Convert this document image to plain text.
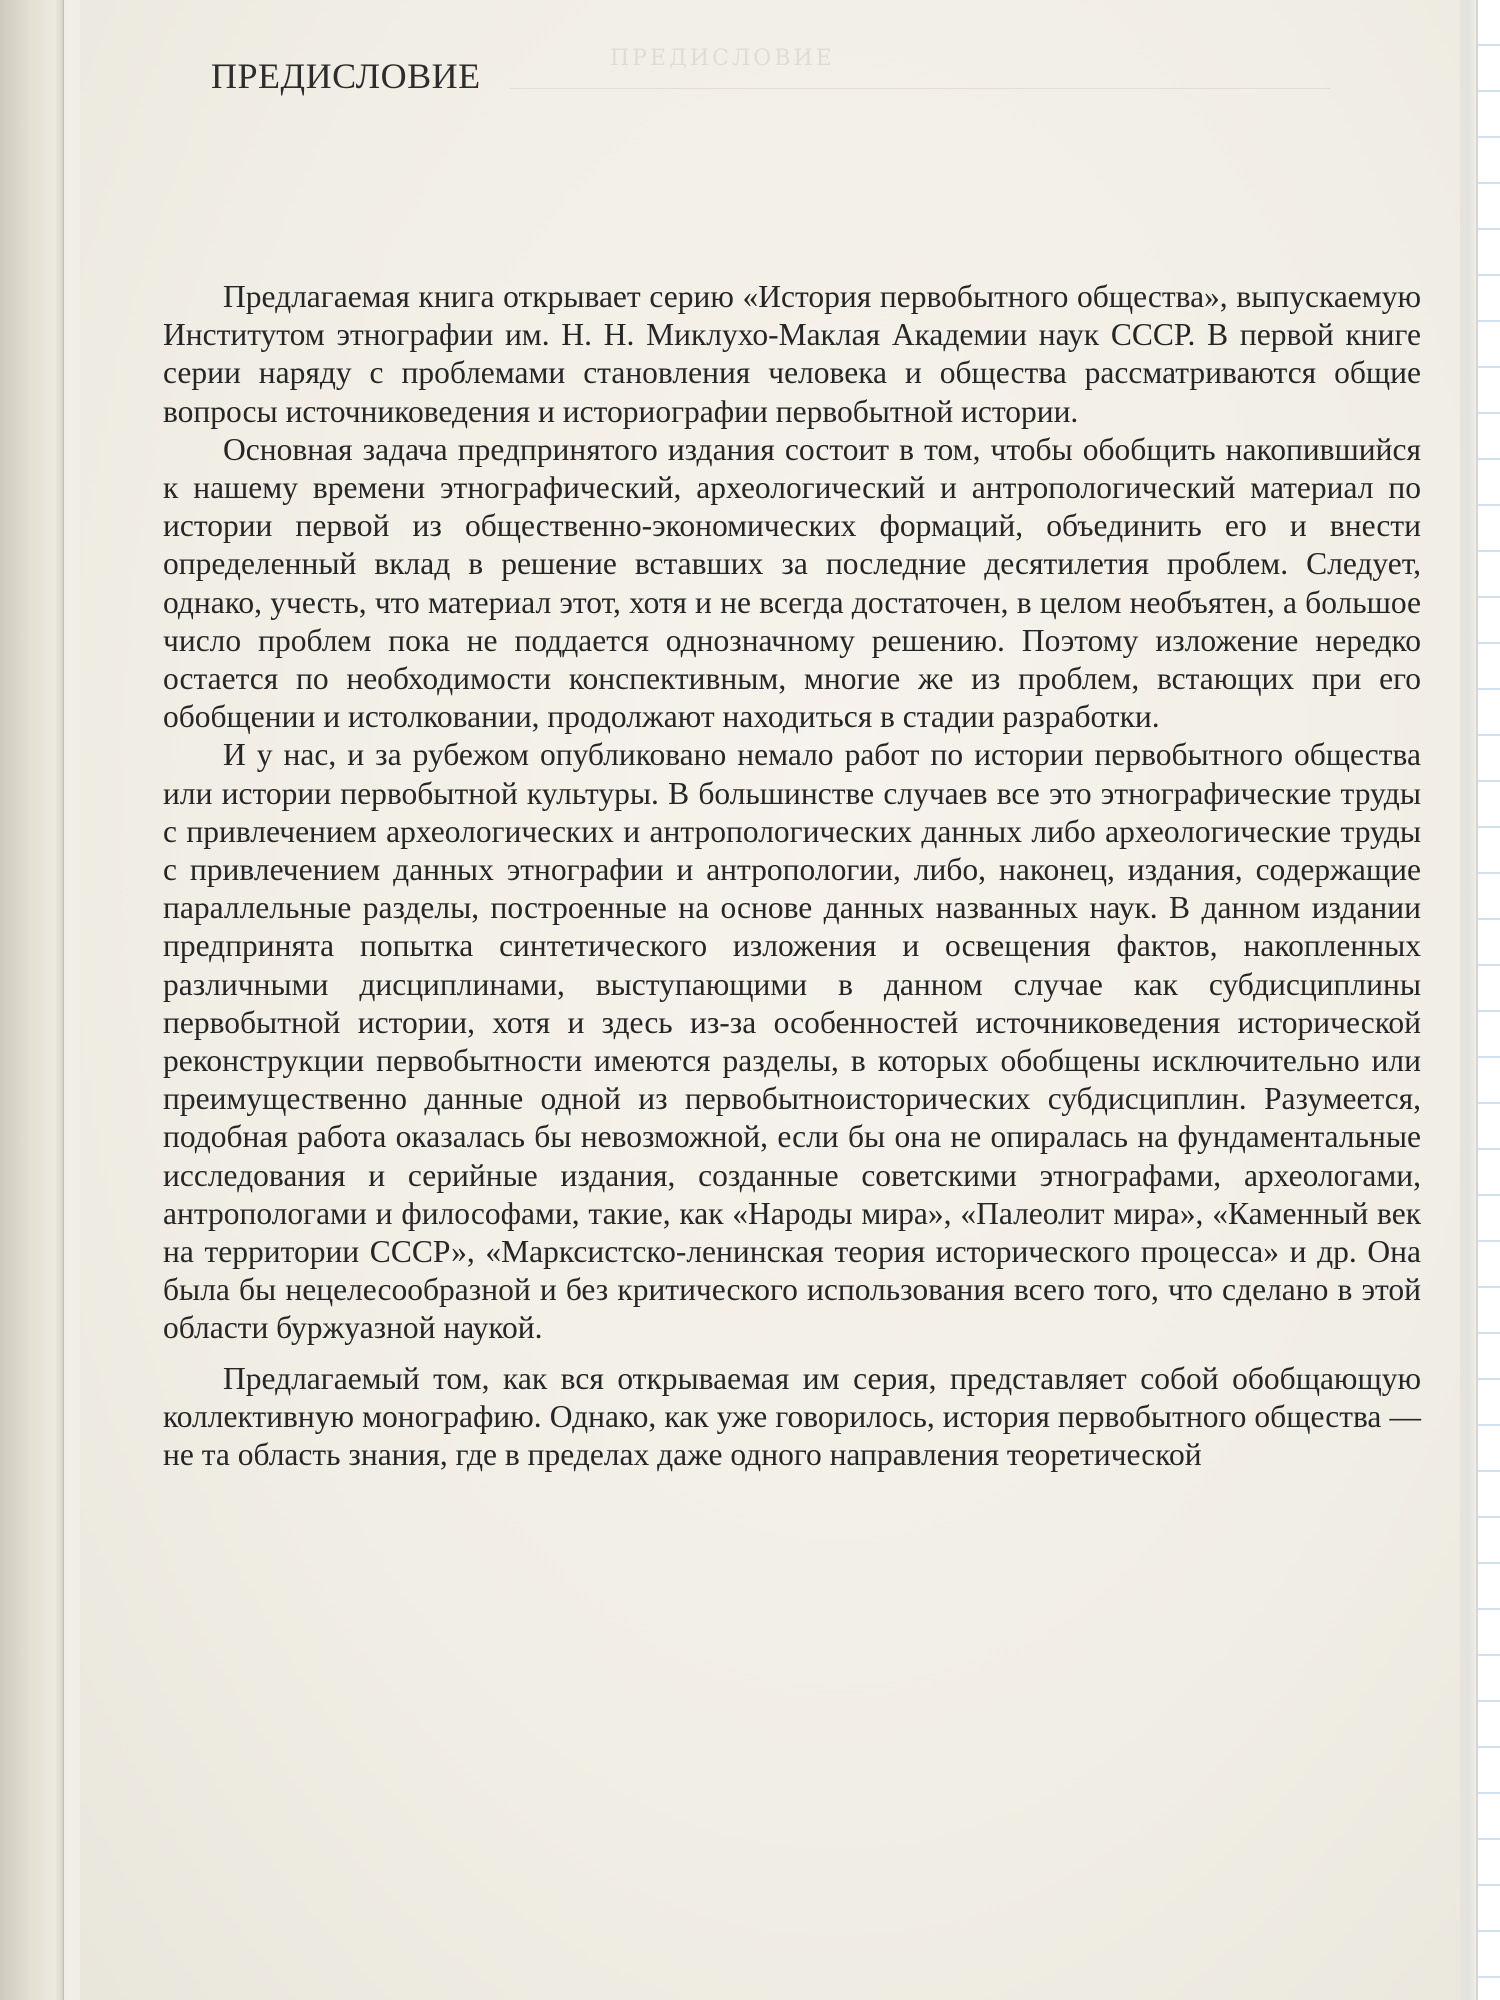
ПРЕДИСЛОВИЕ
ПРЕДИСЛОВИЕ

Предлагаемая книга открывает серию «История первобытного общества», выпускаемую Институтом этнографии им. Н. Н. Миклухо-Маклая Академии наук СССР. В первой книге серии наряду с проблемами становления человека и общества рассматриваются общие вопросы источниковедения и историографии первобытной истории.

Основная задача предпринятого издания состоит в том, чтобы обобщить накопившийся к нашему времени этнографический, археологический и антропологический материал по истории первой из общественно-экономических формаций, объединить его и внести определенный вклад в решение вставших за последние десятилетия проблем. Следует, однако, учесть, что материал этот, хотя и не всегда достаточен, в целом необъятен, а большое число проблем пока не поддается однозначному решению. Поэтому изложение нередко остается по необходимости конспективным, многие же из проблем, встающих при его обобщении и истолковании, продолжают находиться в стадии разработки.

И у нас, и за рубежом опубликовано немало работ по истории первобытного общества или истории первобытной культуры. В большинстве случаев все это этнографические труды с привлечением археологических и антропологических данных либо археологические труды с привлечением данных этнографии и антропологии, либо, наконец, издания, содержащие параллельные разделы, построенные на основе данных названных наук. В данном издании предпринята попытка синтетического изложения и освещения фактов, накопленных различными дисциплинами, выступающими в данном случае как субдисциплины первобытной истории, хотя и здесь из-за особенностей источниковедения исторической реконструкции первобытности имеются разделы, в которых обобщены исключительно или преимущественно данные одной из первобытноисторических субдисциплин. Разумеется, подобная работа оказалась бы невозможной, если бы она не опиралась на фундаментальные исследования и серийные издания, созданные советскими этнографами, археологами, антропологами и философами, такие, как «Народы мира», «Палеолит мира», «Каменный век на территории СССР», «Марксистско-ленинская теория исторического процесса» и др. Она была бы нецелесообразной и без критического использования всего того, что сделано в этой области буржуазной наукой.

Предлагаемый том, как вся открываемая им серия, представляет собой обобщающую коллективную монографию. Однако, как уже говорилось, история первобытного общества — не та область знания, где в пределах даже одного направления теоретической
